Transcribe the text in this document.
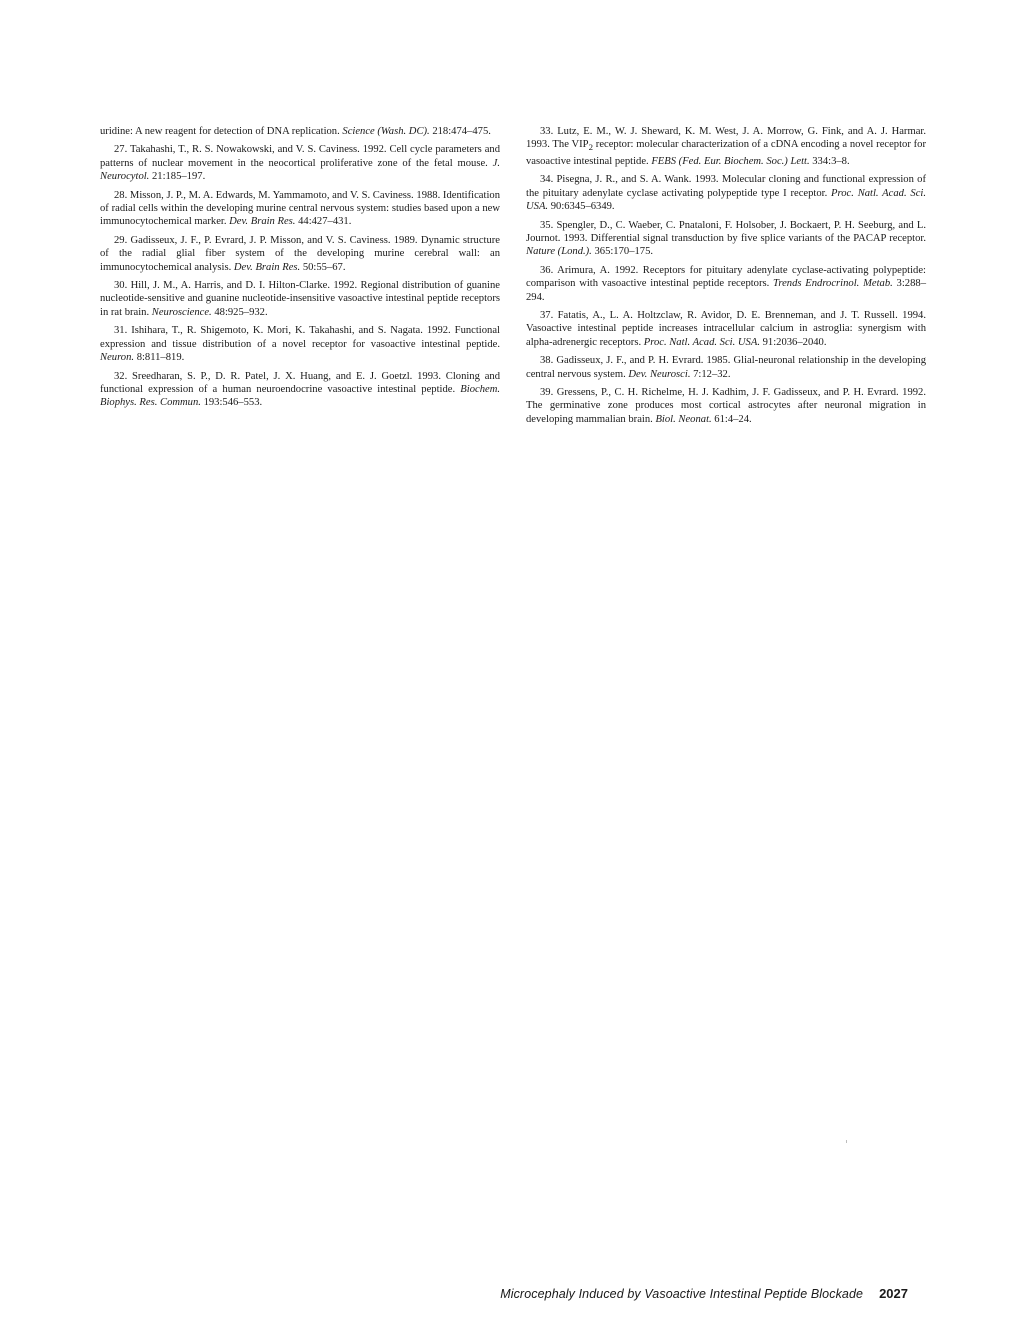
uridine: A new reagent for detection of DNA replication. Science (Wash. DC). 218:474–475.

27. Takahashi, T., R. S. Nowakowski, and V. S. Caviness. 1992. Cell cycle parameters and patterns of nuclear movement in the neocortical proliferative zone of the fetal mouse. J. Neurocytol. 21:185–197.

28. Misson, J. P., M. A. Edwards, M. Yammamoto, and V. S. Caviness. 1988. Identification of radial cells within the developing murine central nervous system: studies based upon a new immunocytochemical marker. Dev. Brain Res. 44:427–431.

29. Gadisseux, J. F., P. Evrard, J. P. Misson, and V. S. Caviness. 1989. Dynamic structure of the radial glial fiber system of the developing murine cerebral wall: an immunocytochemical analysis. Dev. Brain Res. 50:55–67.

30. Hill, J. M., A. Harris, and D. I. Hilton-Clarke. 1992. Regional distribution of guanine nucleotide-sensitive and guanine nucleotide-insensitive vasoactive intestinal peptide receptors in rat brain. Neuroscience. 48:925–932.

31. Ishihara, T., R. Shigemoto, K. Mori, K. Takahashi, and S. Nagata. 1992. Functional expression and tissue distribution of a novel receptor for vasoactive intestinal peptide. Neuron. 8:811–819.

32. Sreedharan, S. P., D. R. Patel, J. X. Huang, and E. J. Goetzl. 1993. Cloning and functional expression of a human neuroendocrine vasoactive intestinal peptide. Biochem. Biophys. Res. Commun. 193:546–553.

33. Lutz, E. M., W. J. Sheward, K. M. West, J. A. Morrow, G. Fink, and A. J. Harmar. 1993. The $VIP_2$ receptor: molecular characterization of a cDNA encoding a novel receptor for vasoactive intestinal peptide. FEBS (Fed. Eur. Biochem. Soc.) Lett. 334:3–8.

34. Pisegna, J. R., and S. A. Wank. 1993. Molecular cloning and functional expression of the pituitary adenylate cyclase activating polypeptide type I receptor. Proc. Natl. Acad. Sci. USA. 90:6345–6349.

35. Spengler, D., C. Waeber, C. Pnataloni, F. Holsober, J. Bockaert, P. H. Seeburg, and L. Journot. 1993. Differential signal transduction by five splice variants of the PACAP receptor. Nature (Lond.). 365:170–175.

36. Arimura, A. 1992. Receptors for pituitary adenylate cyclase-activating polypeptide: comparison with vasoactive intestinal peptide receptors. Trends Endrocrinol. Metab. 3:288–294.

37. Fatatis, A., L. A. Holtzclaw, R. Avidor, D. E. Brenneman, and J. T. Russell. 1994. Vasoactive intestinal peptide increases intracellular calcium in astroglia: synergism with alpha-adrenergic receptors. Proc. Natl. Acad. Sci. USA. 91:2036–2040.

38. Gadisseux, J. F., and P. H. Evrard. 1985. Glial-neuronal relationship in the developing central nervous system. Dev. Neurosci. 7:12–32.

39. Gressens, P., C. H. Richelme, H. J. Kadhim, J. F. Gadisseux, and P. H. Evrard. 1992. The germinative zone produces most cortical astrocytes after neuronal migration in developing mammalian brain. Biol. Neonat. 61:4–24.

Microcephaly Induced by Vasoactive Intestinal Peptide Blockade 2027
